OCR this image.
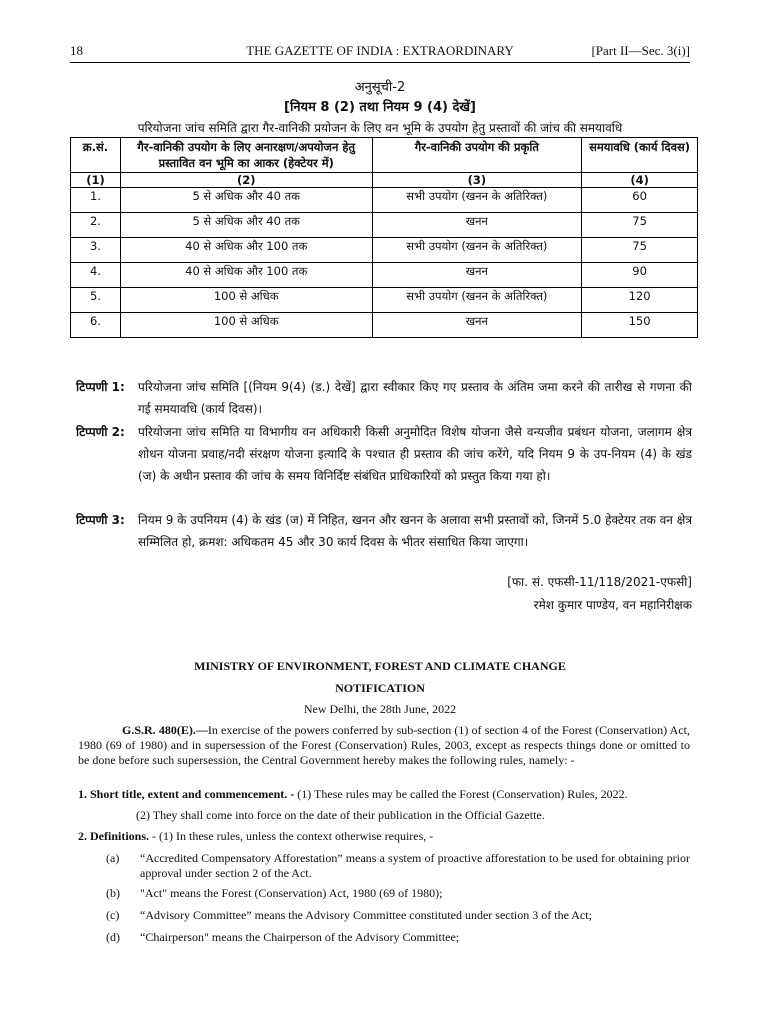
18	THE GAZETTE OF INDIA : EXTRAORDINARY	[Part II—Sec. 3(i)]
अनुसूची-2
[नियम 8 (2) तथा नियम 9 (4) देखें]
परियोजना जांच समिति द्वारा गैर-वानिकी प्रयोजन के लिए वन भूमि के उपयोग हेतु प्रस्तावों की जांच की समयावधि
क्र.सं.	गैर-वानिकी उपयोग के लिए अनारक्षण/अपयोजन हेतु प्रस्तावित वन भूमि का आकर (हेक्टेयर में)	गैर-वानिकी उपयोग की प्रकृति	समयावधि (कार्य दिवस)
(1)	(2)	(3)	(4)
1.	5 से अधिक और 40 तक	सभी उपयोग (खनन के अतिरिक्त)	60
2.	5 से अधिक और 40 तक	खनन	75
3.	40 से अधिक और 100 तक	सभी उपयोग (खनन के अतिरिक्त)	75
4.	40 से अधिक और 100 तक	खनन	90
5.	100 से अधिक	सभी उपयोग (खनन के अतिरिक्त)	120
6.	100 से अधिक	खनन	150
टिप्पणी 1: परियोजना जांच समिति [(नियम 9(4) (ड.) देखें] द्वारा स्वीकार किए गए प्रस्ताव के अंतिम जमा करने की तारीख से गणना की गई समयावधि (कार्य दिवस)।
टिप्पणी 2: परियोजना जांच समिति या विभागीय वन अधिकारी किसी अनुमोदित विशेष योजना जैसे वन्यजीव प्रबंधन योजना, जलागम क्षेत्र शोधन योजना प्रवाह/नदी संरक्षण योजना इत्यादि के पश्चात ही प्रस्ताव की जांच करेंगे, यदि नियम 9 के उप-नियम (4) के खंड (ज) के अधीन प्रस्ताव की जांच के समय विनिर्दिष्ट संबंधित प्राधिकारियों को प्रस्तुत किया गया हो।
टिप्पणी 3: नियम 9 के उपनियम (4) के खंड (ज) में निहित, खनन और खनन के अलावा सभी प्रस्तावों को, जिनमें 5.0 हेक्टेयर तक वन क्षेत्र सम्मिलित हो, क्रमश: अधिकतम 45 और 30 कार्य दिवस के भीतर संसाधित किया जाएगा।
[फा. सं. एफसी-11/118/2021-एफसी]
रमेश कुमार पाण्डेय, वन महानिरीक्षक
MINISTRY OF ENVIRONMENT, FOREST AND CLIMATE CHANGE
NOTIFICATION
New Delhi, the 28th June, 2022
G.S.R. 480(E).—In exercise of the powers conferred by sub-section (1) of section 4 of the Forest (Conservation) Act, 1980 (69 of 1980) and in supersession of the Forest (Conservation) Rules, 2003, except as respects things done or omitted to be done before such supersession, the Central Government hereby makes the following rules, namely: -
1. Short title, extent and commencement. - (1) These rules may be called the Forest (Conservation) Rules, 2022.
(2) They shall come into force on the date of their publication in the Official Gazette.
2. Definitions. - (1) In these rules, unless the context otherwise requires, -
(a) “Accredited Compensatory Afforestation” means a system of proactive afforestation to be used for obtaining prior approval under section 2 of the Act.
(b) "Act" means the Forest (Conservation) Act, 1980 (69 of 1980);
(c) “Advisory Committee” means the Advisory Committee constituted under section 3 of the Act;
(d) “Chairperson" means the Chairperson of the Advisory Committee;
